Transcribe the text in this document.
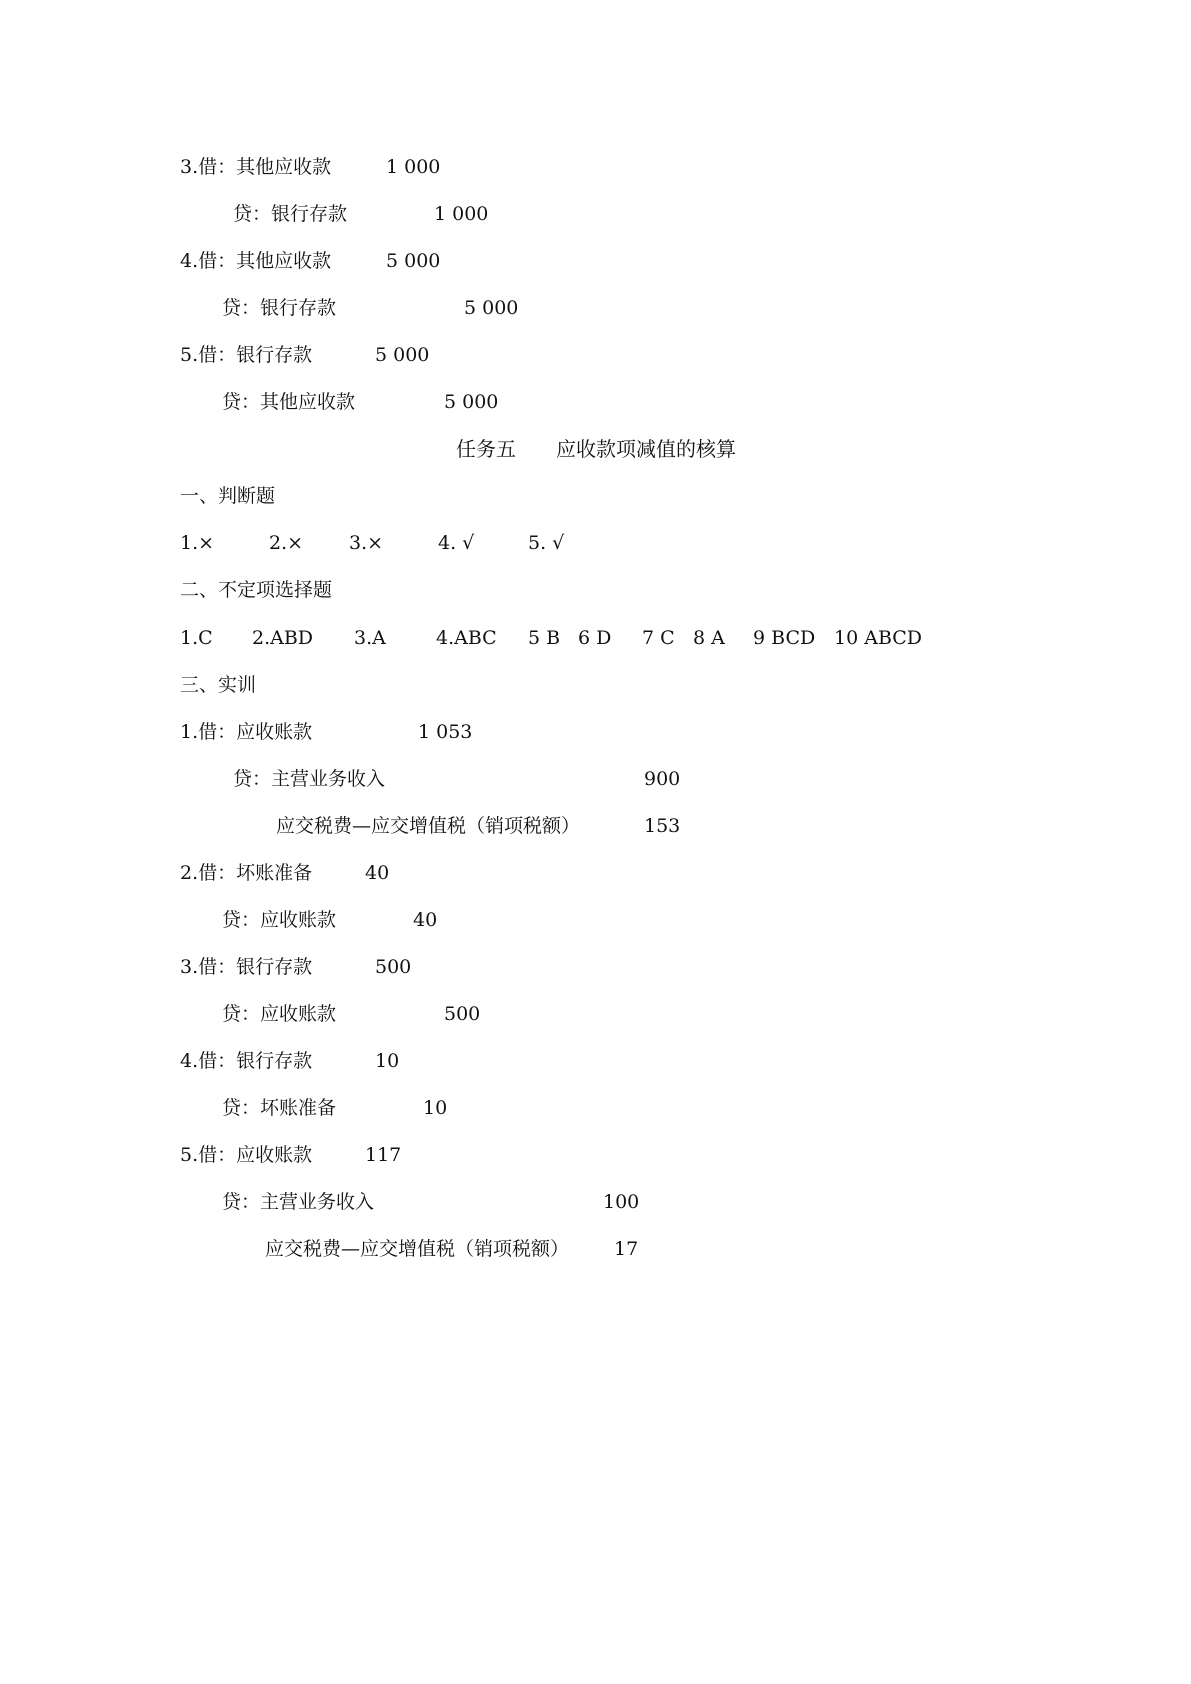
3.借：其他应收款	1 000
贷：银行存款	1 000
4.借：其他应收款	5 000
贷：银行存款	5 000
5.借：银行存款	5 000
贷：其他应收款	5 000
任务五　　应收款项减值的核算
一、判断题
1.×	2.× 3.×	4. √	5. √
二、不定项选择题
1.C 2.ABD 3.A	4.ABC 5 B 6 D 7 C 8 A 9 BCD 10 ABCD
三、实训
1.借：应收账款	1 053
贷：主营业务收入	900
应交税费—应交增值税（销项税额）	153
2.借：坏账准备	40
贷：应收账款	40
3.借：银行存款	500
贷：应收账款	500
4.借：银行存款	10
贷：坏账准备	10
5.借：应收账款	117
贷：主营业务收入	100
应交税费—应交增值税（销项税额） 17
